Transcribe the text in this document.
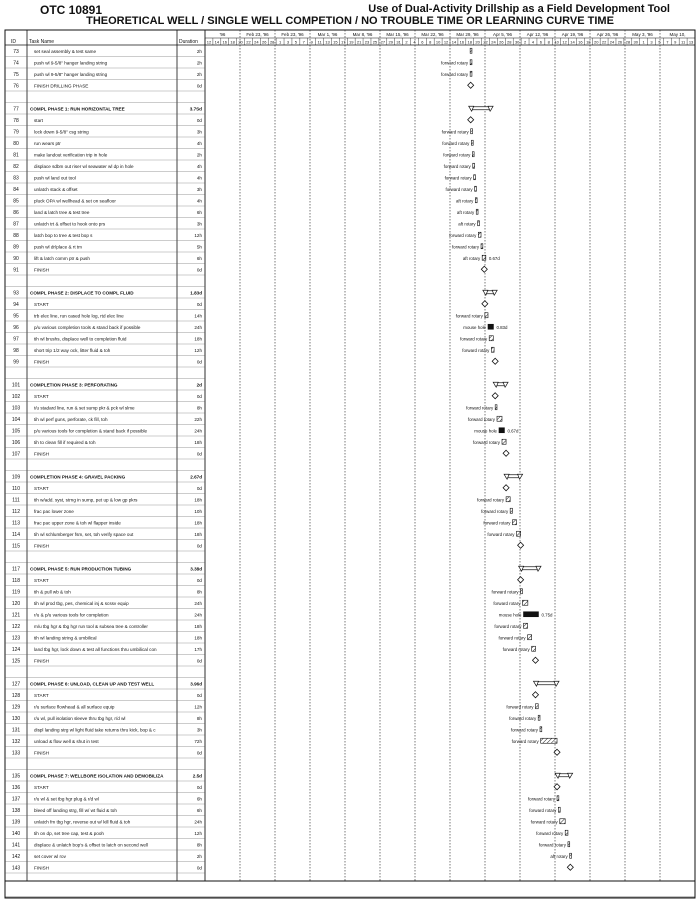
OTC 10891	Use of Dual-Activity Drillship as a Field Development Tool
THEORETICAL WELL / SINGLE WELL COMPETION / NO TROUBLE TIME OR LEARNING CURVE TIME
ID	Task Name	Duration
'96	Feb 23, '96	Feb 23, '96	Mar 1, '96	Mar 8, '96	Mar 15, '96	Mar 22, '96	Mar 29, '96	Apr 5, '96	Apr 12, '96	Apr 19, '96	Apr 26, '96	May 3, '96	May 10,
12 14 16 18 20 22 24 26 28 1 3 5 7 9 11 13 15 17 19 21 23 25 27 29 31 2 4 6 8 10 12 14 16 18 20 22 24 26 28 30 2 4 6 8 10 12 14 16 18 20 22 24 26 28 30 1 3 5 7 9 11 13
73	set seal assembly & test same	2h
74	push wl 9-5/8" hanger landing string	2h	forward rotary
75	push wl 9-5/8" hanger landing string	2h	forward rotary
76	FINISH DRILLING PHASE	0d
77 COMPL PHASE 1: RUN HORIZONTAL TREE	3.7Sd
78	start	0d
79	lock down 9-5/8" csg string	3h	forward rotary
80	run wears ptr	4h	forward rotary
81	make landout verification trip in hole	2h	forward rotary
82	displace sdbm out riser wl seawater wl dp in hole	4h	forward rotary
83	push wl land out tool	4h	forward rotary
84	unlatch stack & offset	3h	forward rotary
85	pluck OPA wl wellhead & set on seafloor	4h	aft rotary
86	land & latch tree & test tree	6h	aft rotary
87	unlatch trt & offset to hook onto prs	3h	aft rotary
88	latch bop to tree & test bop s	12h	forward rotary
89	push wl dr/place & rt tm	5h	forward rotary
90	lift & latch comm ptr & push	6h	aft rotary 0.67d
91	FINISH	0d
93 COMPL PHASE 2: DISPLACE TO COMPL FLUID	1.83d
94	START	0d
95	trb elec line, run cased hole log, rtd elec line	14h	forward rotary
96	p/u various completion tools & stand back if possible	24h	mouse hole 0.83d
97	tih wl brushs, displace well to completion fluid	18h	forward rotary
98	short trip 1/2 way ock, litter fluid & toh	12h	forward rotary
99	FINISH	0d
101 COMPLETION PHASE 3: PERFORATING	2d
102	START	0d
103	t/u stadard line, run & set sump pkr & pck wl slme	8h	forward rotary
104	tih wl perf guns, perforate, ck fill, toh	22h	forward rotary
105	p/u various tools for completion & stand back if possible	24h	mouse hole 0.67d
106	tih to clean fill if required & toh	18h	forward rotary
107	FINISH	0d
109 COMPLETION PHASE 4: GRAVEL PACKING	2.67d
110	START	0d
111	tih w/add. syst, strng in sump, pet up & low gp pkrs	18h	forward rotary
112	frac pac lower zone	10h	forward rotary
113	frac pac upper zone & toh wl flapper inside	18h	forward rotary
114	tih wl schlumberger fsm, set, toh verify space out	18h	forward rotary
115	FINISH	0d
117 COMPL PHASE 5: RUN PRODUCTION TUBING	3.38d
118	START	0d
119	tih & pull wb & toh	8h	forward rotary
120	tih wl prod tbg, pes, chemical inj & scssv equip	24h	forward rotary
121	r/u & p/u various tools for completion	24h	mouse hole	0.75d
122	m/u tbg hgr & tbg hgr run tool & subsea tree & controller	18h	forward rotary
123	tih wl landing string & umbilical	18h	forward rotary
124	land tbg hgr, lock down & test all functions thru umbilical con	17h	forward rotary
125	FINISH	0d
127 COMPL PHASE 6: UNLOAD, CLEAN UP AND TEST WELL	3.96d
128	START	0d
129	r/u surface flowhead & all surface equip	12h	forward rotary
130	r/u wl, pull isolation sleeve thru tbg hgr, r/d wl	8h	forward rotary
131	displ landing strg wl light fluid take returns thru kick, bop & c	3h	forward rotary
132	unload & flow well & shut in test	72h	forward rotary
133	FINISH	0d
135 COMPL PHASE 7: WELLBORE ISOLATION AND DEMOBILIZA	2.5d
136	START	0d
137	r/u wl & set tbg hgr plug & r/d wl	6h	forward rotary
138	bleed off landing strg, fill w/ wt fluid & toh	6h	forward rotary
139	unlatch fm tbg hgr, reverse out w/ kill fluid & toh	24h	forward rotary
140	tih on dp, set tree cap, test & pooh	12h	forward rotary
141	displace & unlatch bop's & offset to latch on second well	8h	forward rotary
142	set cover wl rov	2h	aft rotary
143	FINISH	0d
